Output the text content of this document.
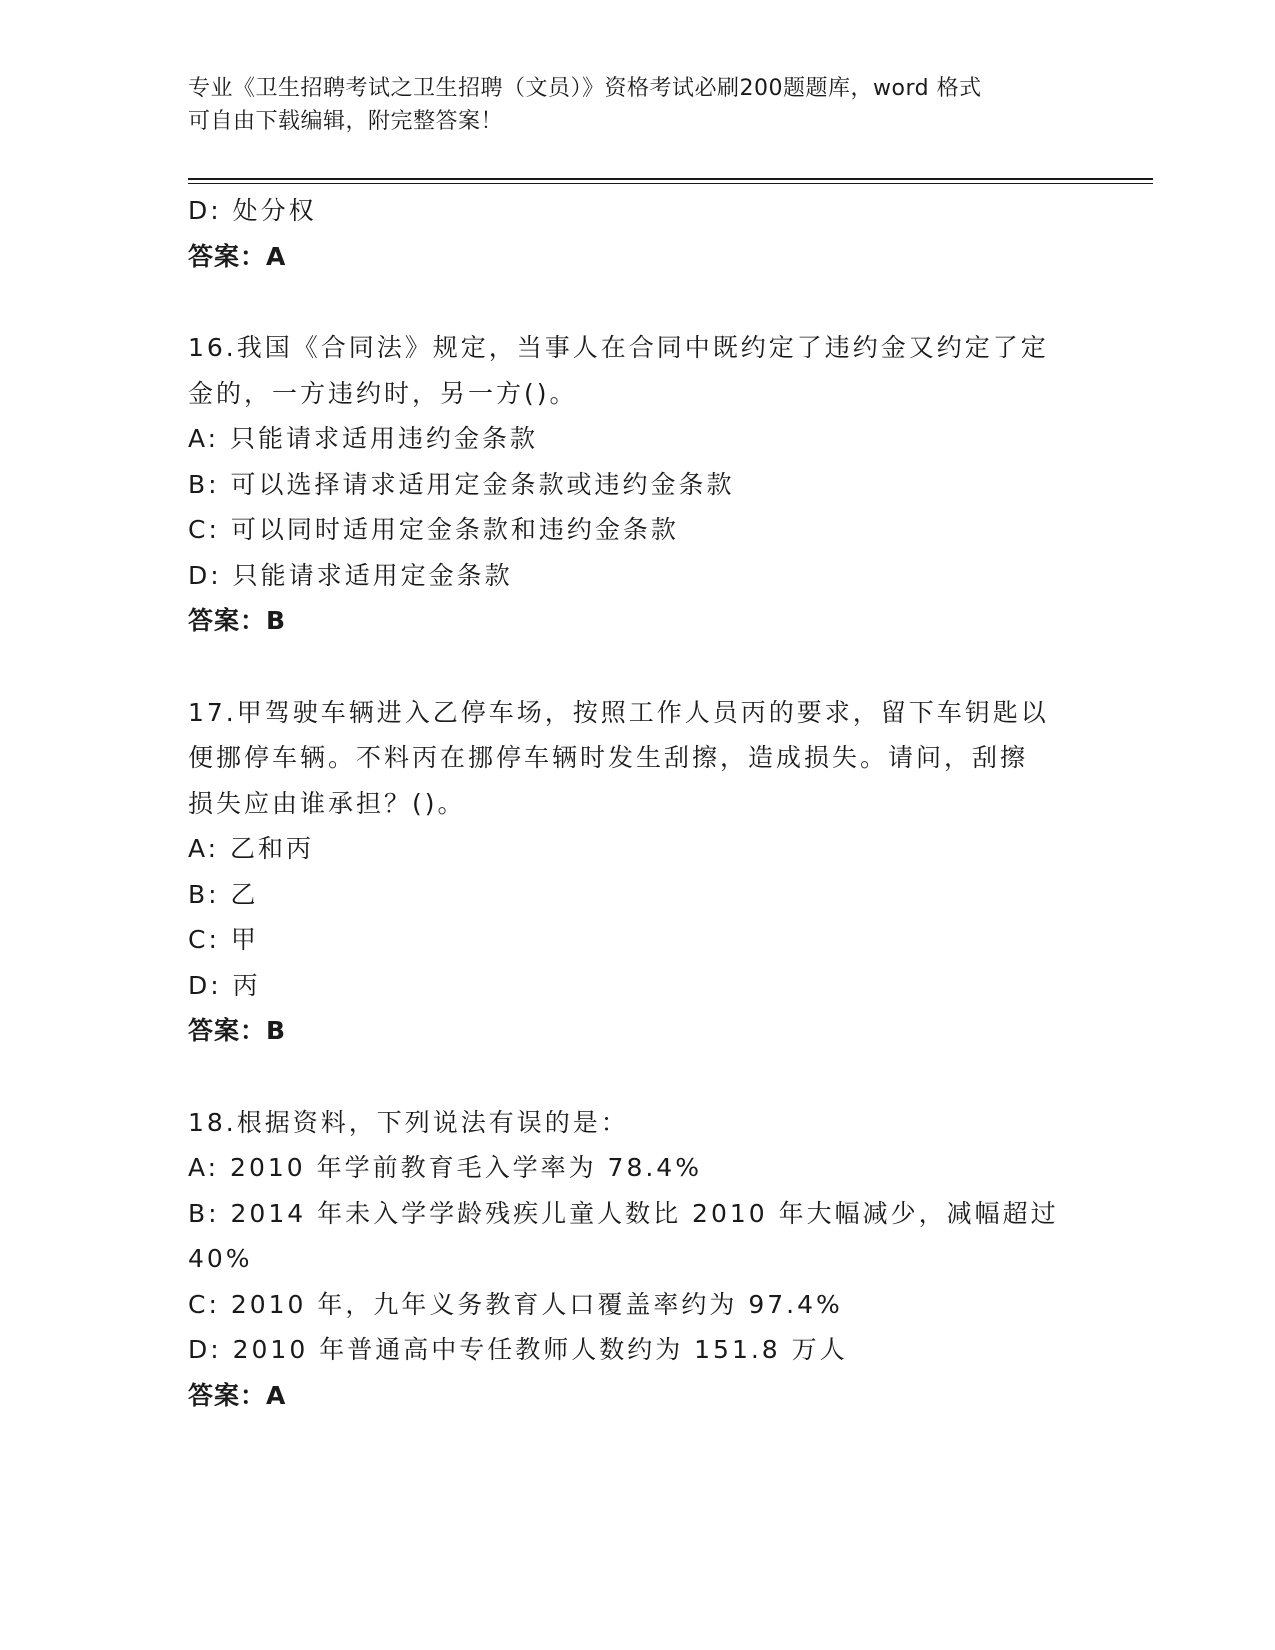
专业《卫生招聘考试之卫生招聘（文员）》资格考试必刷200题题库，word 格式
可自由下载编辑，附完整答案！
D: 处分权
答案：A
16.我国《合同法》规定，当事人在合同中既约定了违约金又约定了定
金的，一方违约时，另一方()。
A: 只能请求适用违约金条款
B: 可以选择请求适用定金条款或违约金条款
C: 可以同时适用定金条款和违约金条款
D: 只能请求适用定金条款
答案：B
17.甲驾驶车辆进入乙停车场，按照工作人员丙的要求，留下车钥匙以
便挪停车辆。不料丙在挪停车辆时发生刮擦，造成损失。请问，刮擦
损失应由谁承担？()。
A: 乙和丙
B: 乙
C: 甲
D: 丙
答案：B
18.根据资料，下列说法有误的是：
A: 2010 年学前教育毛入学率为 78.4%
B: 2014 年未入学学龄残疾儿童人数比 2010 年大幅减少，减幅超过
40%
C: 2010 年，九年义务教育人口覆盖率约为 97.4%
D: 2010 年普通高中专任教师人数约为 151.8 万人
答案：A
